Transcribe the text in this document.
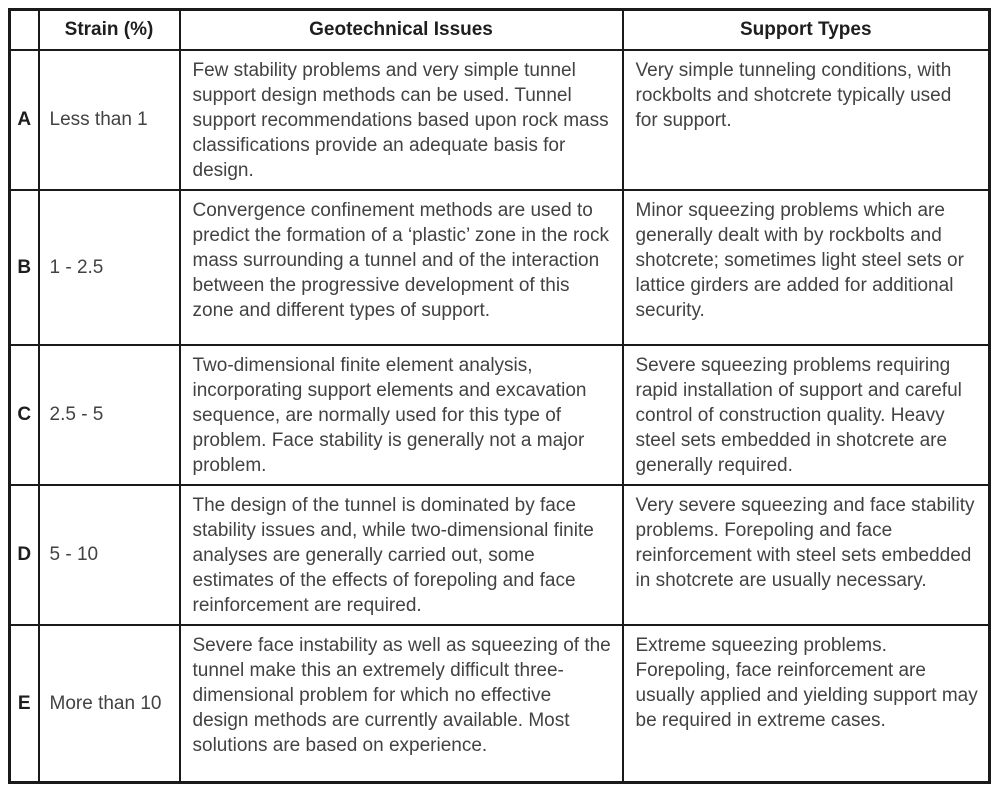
	Strain (%)	Geotechnical Issues	Support Types
A	Less than 1	Few stability problems and very simple tunnel support design methods can be used. Tunnel support recommendations based upon rock mass classifications provide an adequate basis for design.	Very simple tunneling conditions, with rockbolts and shotcrete typically used for support.
B	1 - 2.5	Convergence confinement methods are used to predict the formation of a ‘plastic’ zone in the rock mass surrounding a tunnel and of the interaction between the progressive development of this zone and different types of support.	Minor squeezing problems which are generally dealt with by rockbolts and shotcrete; sometimes light steel sets or lattice girders are added for additional security.
C	2.5 - 5	Two-dimensional finite element analysis, incorporating support elements and excavation sequence, are normally used for this type of problem. Face stability is generally not a major problem.	Severe squeezing problems requiring rapid installation of support and careful control of construction quality. Heavy steel sets embedded in shotcrete are generally required.
D	5 - 10	The design of the tunnel is dominated by face stability issues and, while two-dimensional finite analyses are generally carried out, some estimates of the effects of forepoling and face reinforcement are required.	Very severe squeezing and face stability problems. Forepoling and face reinforcement with steel sets embedded in shotcrete are usually necessary.
E	More than 10	Severe face instability as well as squeezing of the tunnel make this an extremely difficult three-dimensional problem for which no effective design methods are currently available. Most solutions are based on experience.	Extreme squeezing problems. Forepoling, face reinforcement are usually applied and yielding support may be required in extreme cases.
